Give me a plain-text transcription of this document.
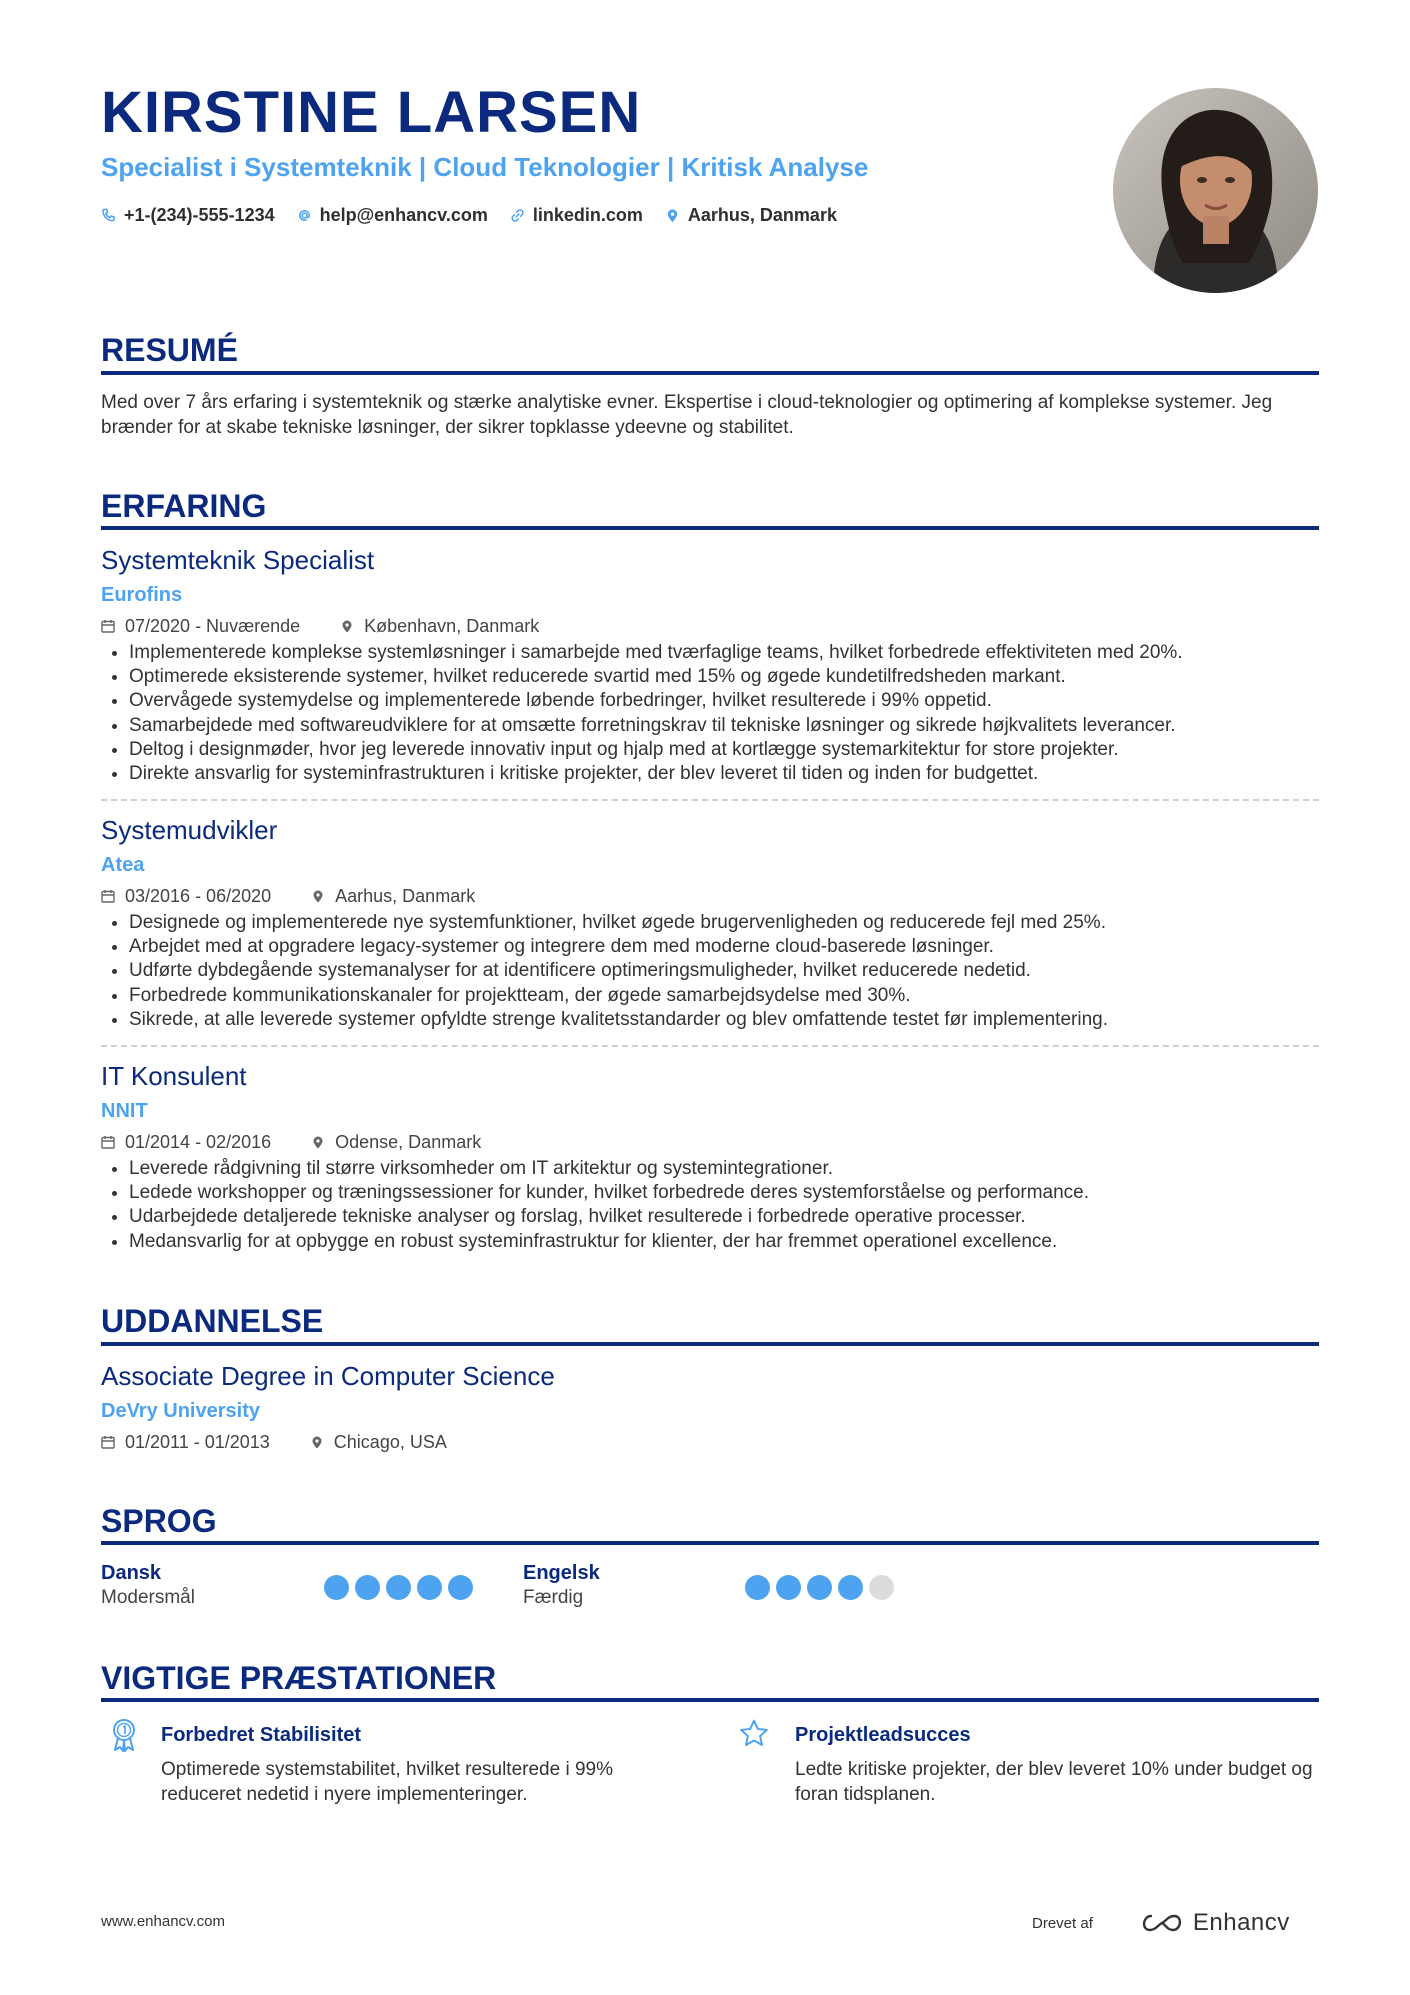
KIRSTINE LARSEN
Specialist i Systemteknik | Cloud Teknologier | Kritisk Analyse
+1-(234)-555-1234	help@enhancv.com	linkedin.com	Aarhus, Danmark
RESUMÉ
Med over 7 års erfaring i systemteknik og stærke analytiske evner. Ekspertise i cloud-teknologier og optimering af komplekse systemer. Jeg brænder for at skabe tekniske løsninger, der sikrer topklasse ydeevne og stabilitet.
ERFARING
Systemteknik Specialist
Eurofins
07/2020 - Nuværende	København, Danmark
• Implementerede komplekse systemløsninger i samarbejde med tværfaglige teams, hvilket forbedrede effektiviteten med 20%.
• Optimerede eksisterende systemer, hvilket reducerede svartid med 15% og øgede kundetilfredsheden markant.
• Overvågede systemydelse og implementerede løbende forbedringer, hvilket resulterede i 99% oppetid.
• Samarbejdede med softwareudviklere for at omsætte forretningskrav til tekniske løsninger og sikrede højkvalitets leverancer.
• Deltog i designmøder, hvor jeg leverede innovativ input og hjalp med at kortlægge systemarkitektur for store projekter.
• Direkte ansvarlig for systeminfrastrukturen i kritiske projekter, der blev leveret til tiden og inden for budgettet.
Systemudvikler
Atea
03/2016 - 06/2020	Aarhus, Danmark
• Designede og implementerede nye systemfunktioner, hvilket øgede brugervenligheden og reducerede fejl med 25%.
• Arbejdet med at opgradere legacy-systemer og integrere dem med moderne cloud-baserede løsninger.
• Udførte dybdegående systemanalyser for at identificere optimeringsmuligheder, hvilket reducerede nedetid.
• Forbedrede kommunikationskanaler for projektteam, der øgede samarbejdsydelse med 30%.
• Sikrede, at alle leverede systemer opfyldte strenge kvalitetsstandarder og blev omfattende testet før implementering.
IT Konsulent
NNIT
01/2014 - 02/2016	Odense, Danmark
• Leverede rådgivning til større virksomheder om IT arkitektur og systemintegrationer.
• Ledede workshopper og træningssessioner for kunder, hvilket forbedrede deres systemforståelse og performance.
• Udarbejdede detaljerede tekniske analyser og forslag, hvilket resulterede i forbedrede operative processer.
• Medansvarlig for at opbygge en robust systeminfrastruktur for klienter, der har fremmet operationel excellence.
UDDANNELSE
Associate Degree in Computer Science
DeVry University
01/2011 - 01/2013	Chicago, USA
SPROG
Dansk
Modersmål
Engelsk
Færdig
VIGTIGE PRÆSTATIONER
Forbedret Stabilisitet
Optimerede systemstabilitet, hvilket resulterede i 99% reduceret nedetid i nyere implementeringer.
Projektleadsucces
Ledte kritiske projekter, der blev leveret 10% under budget og foran tidsplanen.
www.enhancv.com	Drevet af	Enhancv
